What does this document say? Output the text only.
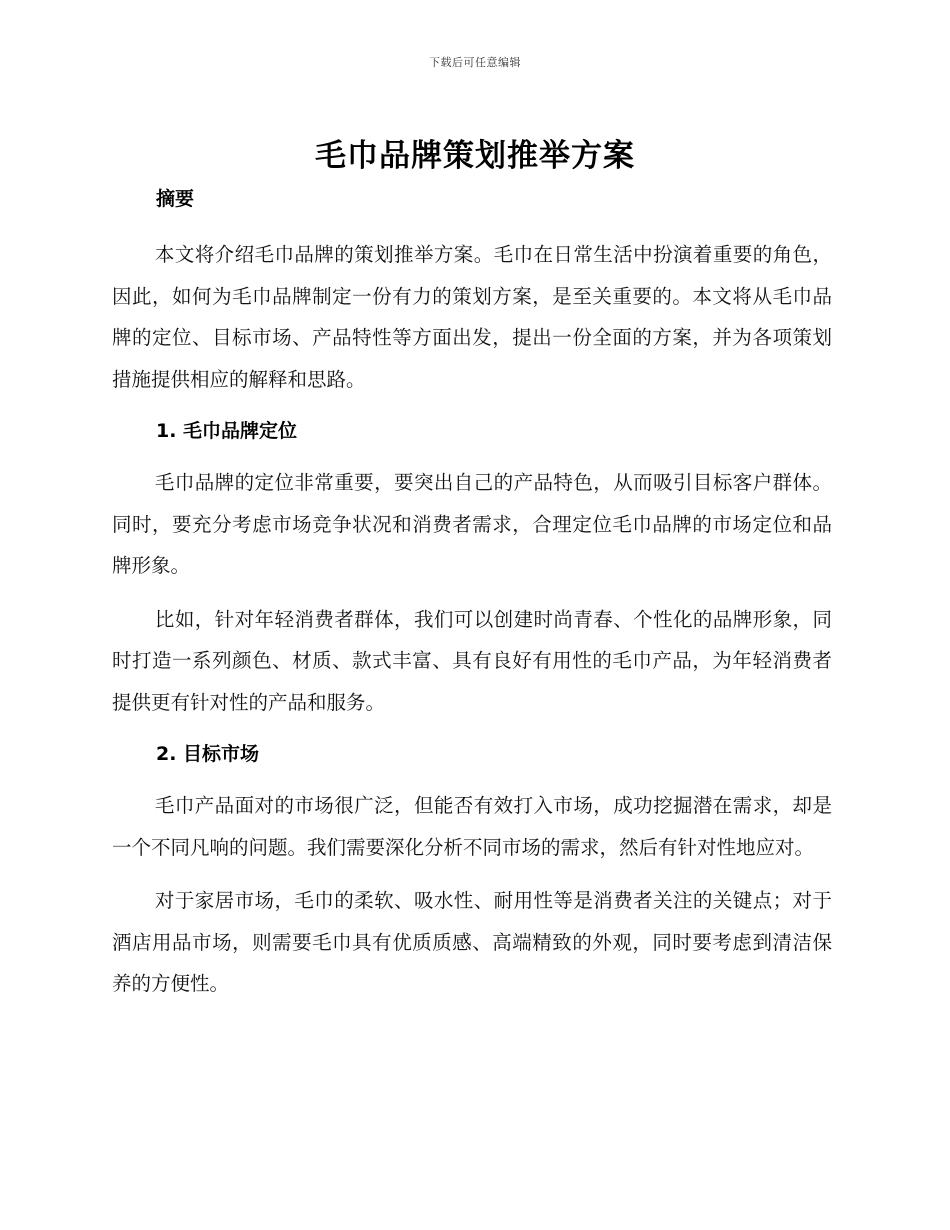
下载后可任意编辑
毛巾品牌策划推举方案

摘要

本文将介绍毛巾品牌的策划推举方案。毛巾在日常生活中扮演着重要的角色，因此，如何为毛巾品牌制定一份有力的策划方案，是至关重要的。本文将从毛巾品牌的定位、目标市场、产品特性等方面出发，提出一份全面的方案，并为各项策划措施提供相应的解释和思路。

1. 毛巾品牌定位

毛巾品牌的定位非常重要，要突出自己的产品特色，从而吸引目标客户群体。同时，要充分考虑市场竞争状况和消费者需求，合理定位毛巾品牌的市场定位和品牌形象。

比如，针对年轻消费者群体，我们可以创建时尚青春、个性化的品牌形象，同时打造一系列颜色、材质、款式丰富、具有良好有用性的毛巾产品，为年轻消费者提供更有针对性的产品和服务。

2. 目标市场

毛巾产品面对的市场很广泛，但能否有效打入市场，成功挖掘潜在需求，却是一个不同凡响的问题。我们需要深化分析不同市场的需求，然后有针对性地应对。

对于家居市场，毛巾的柔软、吸水性、耐用性等是消费者关注的关键点；对于酒店用品市场，则需要毛巾具有优质质感、高端精致的外观，同时要考虑到清洁保养的方便性。
